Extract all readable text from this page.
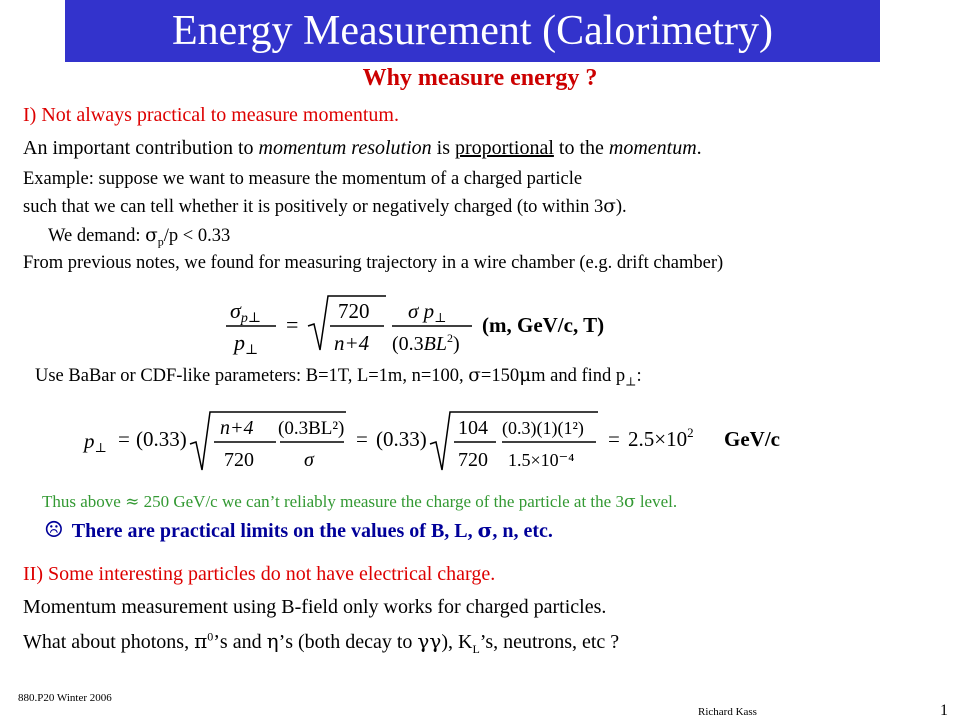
Energy Measurement (Calorimetry)
Why measure energy ?
I) Not always practical to measure momentum.
An important contribution to momentum resolution is proportional to the momentum.
Example: suppose we want to measure the momentum of a charged particle
such that we can tell whether it is positively or negatively charged (to within 3σ).
We demand: $\sigma_p/p < 0.33$
From previous notes, we found for measuring trajectory in a wire chamber (e.g. drift chamber)
σp⊥
p⊥
=
720
n+4
σ p⊥
$(0.3BL^2)$
(m, GeV/c, T)
Use BaBar or CDF-like parameters: B=1T, L=1m, n=100, σ=150μm and find $p_\perp$:
p⊥ = (0.33) n+4
720
(0.3BL²)
σ
= (0.33) 104
720
(0.3)(1)(1²)
1.5×10⁻⁴
= $2.5\times 10^2$ GeV/c
Thus above ≈ 250 GeV/c we can’t reliably measure the charge of the particle at the 3σ level.
☹ There are practical limits on the values of B, L, σ, n, etc.
II) Some interesting particles do not have electrical charge.
Momentum measurement using B-field only works for charged particles.
What about photons, $\pi^0’s$ and η’s (both decay to γγ), $K_L’s$, neutrons, etc ?
880.P20 Winter 2006
Richard Kass	1
